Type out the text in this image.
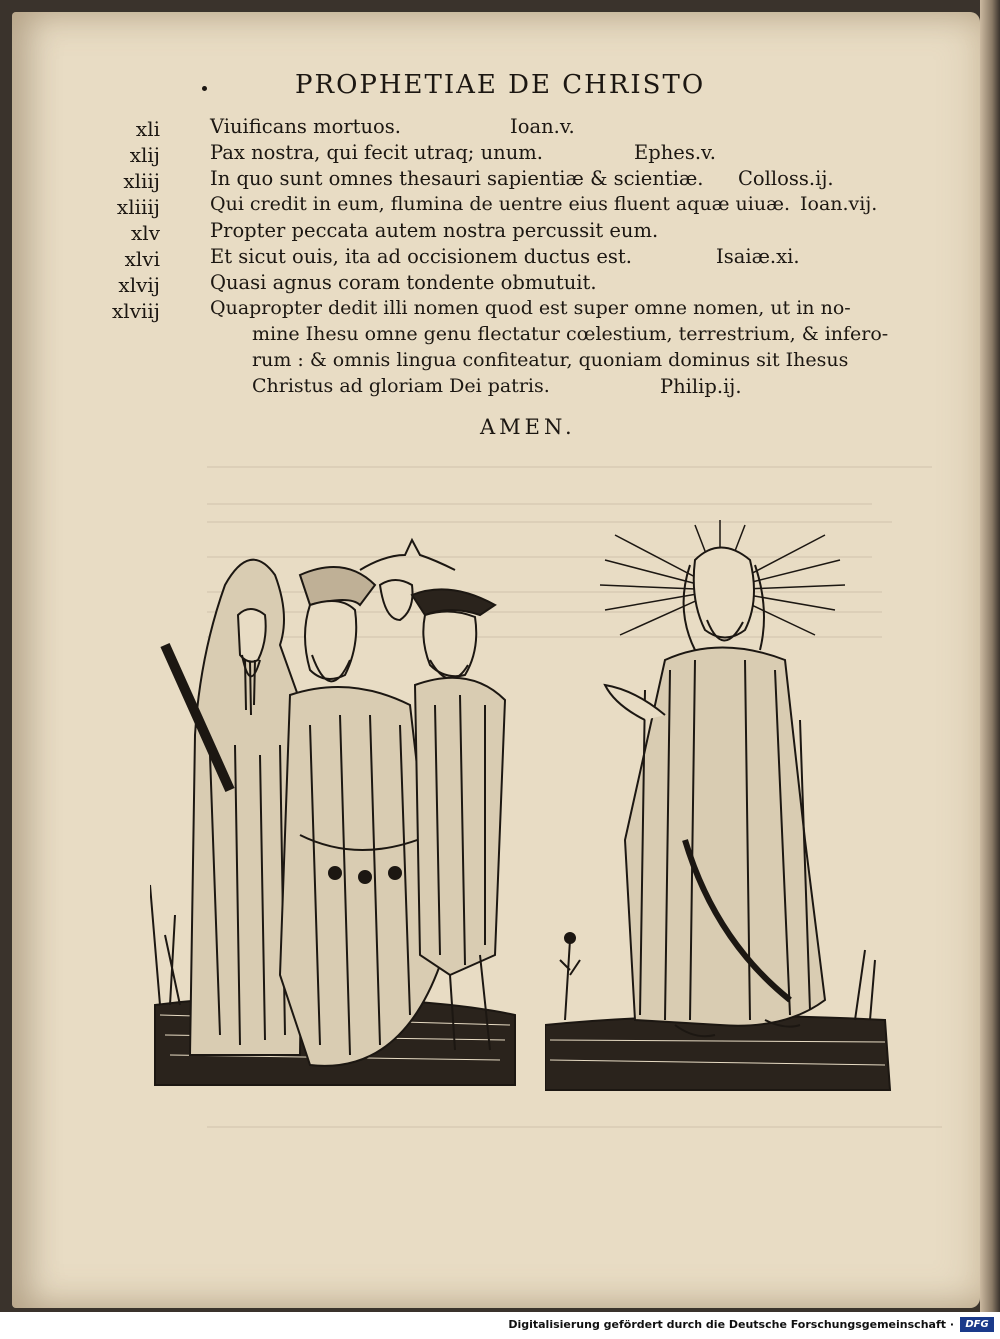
PROPHETIAE DE CHRISTO
xli	Viuificans mortuos.	Ioan.v.
xlij	Pax nostra, qui fecit utraq; unum.	Ephes.v.
xliij	In quo sunt omnes thesauri sapientiæ & scientiæ. Colloss.ij.
xliiij	Qui credit in eum, flumina de uentre eius fluent aquæ uiuæ. Ioan.vij.
xlv	Propter peccata autem nostra percussit eum.
xlvi	Et sicut ouis, ita ad occisionem ductus est.	Isaiæ.xi.
xlvij	Quasi agnus coram tondente obmutuit.
xlviij	Quapropter dedit illi nomen quod est super omne nomen, ut in no-
mine Ihesu omne genu flectatur cœlestium, terrestrium, & infero-
rum : & omnis lingua confiteatur, quoniam dominus sit Ihesus
Christus ad gloriam Dei patris.	Philip.ij.
AMEN.
Digitalisierung gefördert durch die Deutsche Forschungsgemeinschaft ·	DFG
